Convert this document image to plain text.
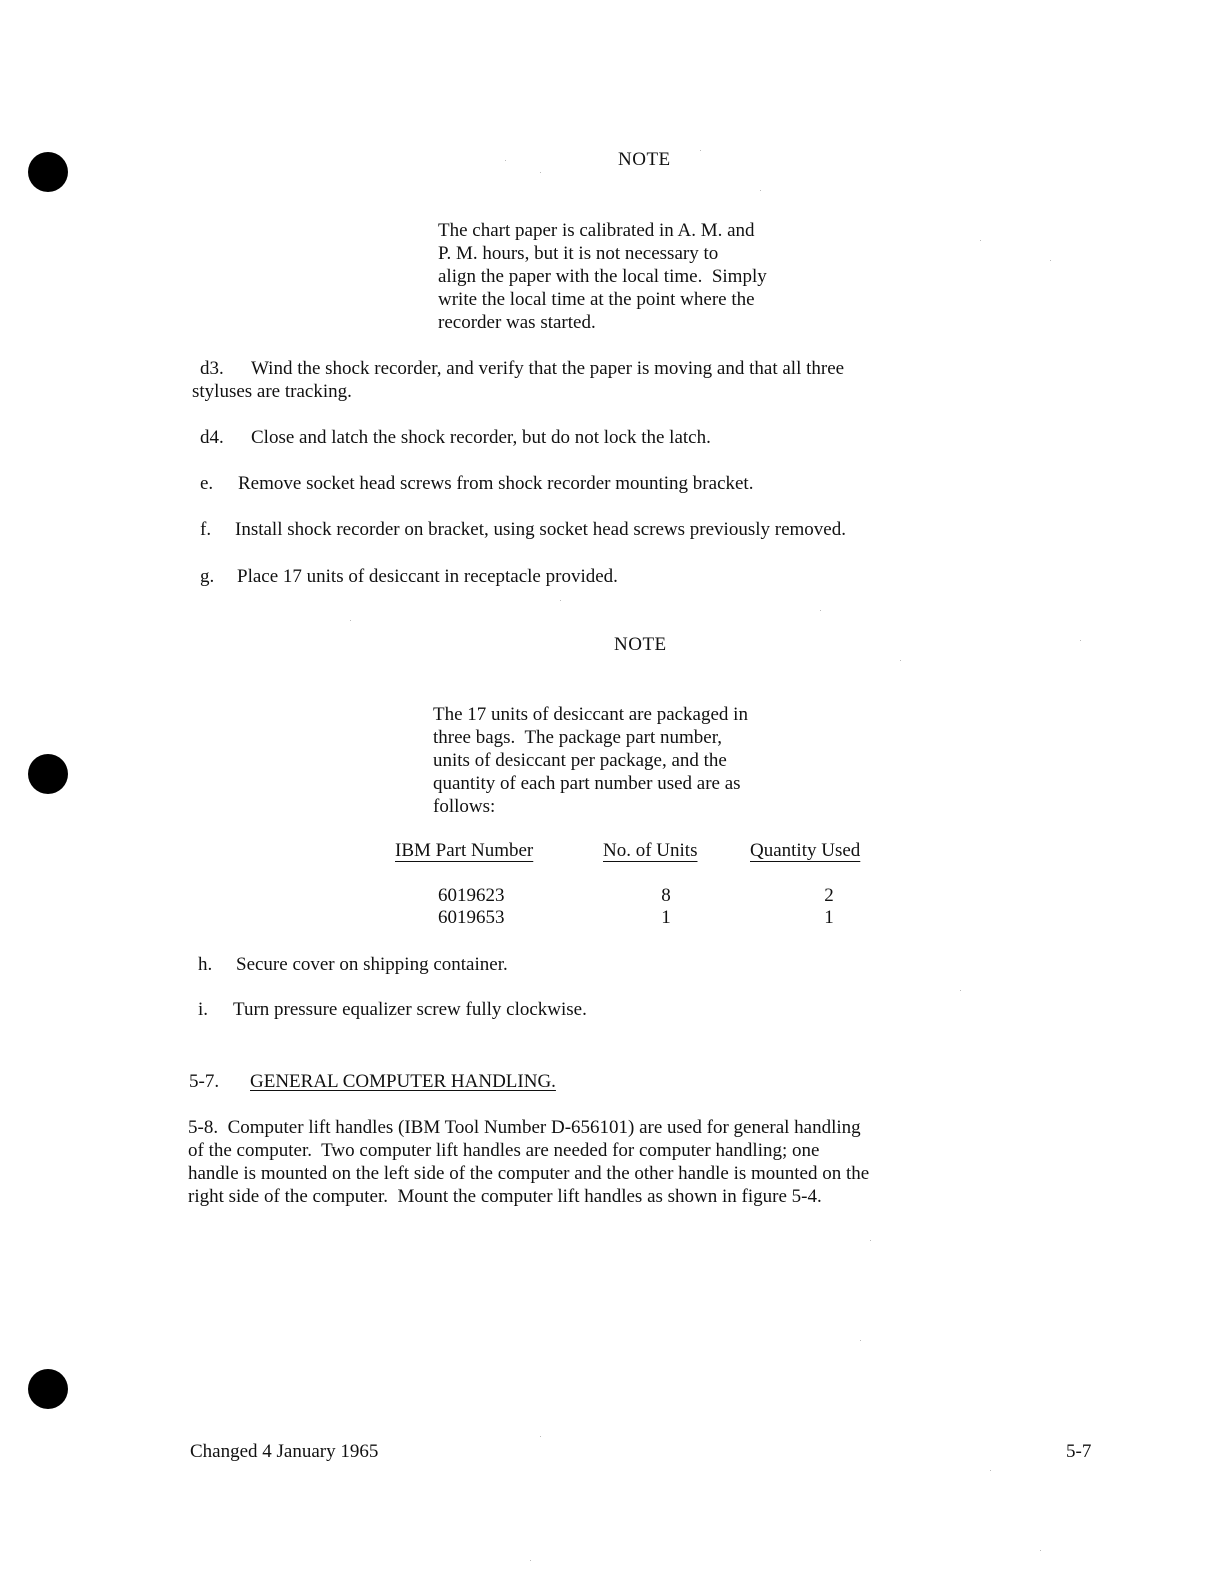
NOTE
The chart paper is calibrated in A. M. and
P. M. hours, but it is not necessary to
align the paper with the local time.  Simply
write the local time at the point where the
recorder was started.
d3. Wind the shock recorder, and verify that the paper is moving and that all three
styluses are tracking.
d4. Close and latch the shock recorder, but do not lock the latch.
e. Remove socket head screws from shock recorder mounting bracket.
f. Install shock recorder on bracket, using socket head screws previously removed.
g. Place 17 units of desiccant in receptacle provided.
NOTE
The 17 units of desiccant are packaged in
three bags.  The package part number,
units of desiccant per package, and the
quantity of each part number used are as
follows:
IBM Part Number	No. of Units	Quantity Used
6019623	8	2
6019653	1	1
h. Secure cover on shipping container.
i. Turn pressure equalizer screw fully clockwise.
5-7. GENERAL COMPUTER HANDLING.
5-8.  Computer lift handles (IBM Tool Number D-656101) are used for general handling
of the computer.  Two computer lift handles are needed for computer handling; one
handle is mounted on the left side of the computer and the other handle is mounted on the
right side of the computer.  Mount the computer lift handles as shown in figure 5-4.
Changed 4 January 1965	5-7
